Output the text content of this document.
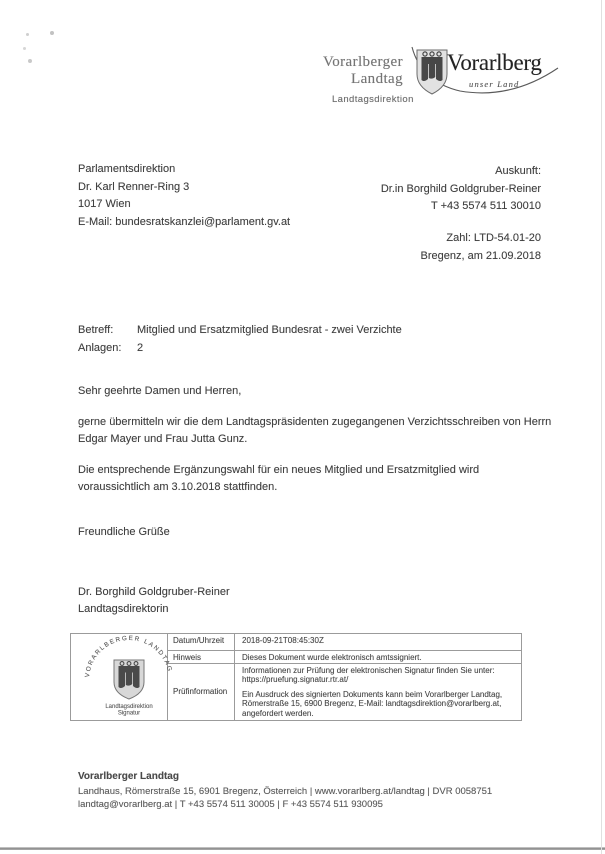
Vorarlberger
Landtag
Landtagsdirektion
Vorarlberg
unser Land
Parlamentsdirektion
Dr. Karl Renner-Ring 3
1017 Wien
E-Mail: bundesratskanzlei@parlament.gv.at
Auskunft:
Dr.in Borghild Goldgruber-Reiner
T +43 5574 511 30010
Zahl: LTD-54.01-20
Bregenz, am 21.09.2018
Betreff: Mitglied und Ersatzmitglied Bundesrat - zwei Verzichte
Anlagen: 2
Sehr geehrte Damen und Herren,
gerne übermitteln wir die dem Landtagspräsidenten zugegangenen Verzichtsschreiben von Herrn
Edgar Mayer und Frau Jutta Gunz.
Die entsprechende Ergänzungswahl für ein neues Mitglied und Ersatzmitglied wird
voraussichtlich am 3.10.2018 stattfinden.
Freundliche Grüße
Dr. Borghild Goldgruber-Reiner
Landtagsdirektorin
Datum/Uhrzeit	2018-09-21T08:45:30Z
Hinweis	Dieses Dokument wurde elektronisch amtssigniert.
Prüfinformation
Informationen zur Prüfung der elektronischen Signatur finden Sie unter:
https://pruefung.signatur.rtr.at/
Ein Ausdruck des signierten Dokuments kann beim Vorarlberger Landtag,
Römerstraße 15, 6900 Bregenz, E-Mail: landtagsdirektion@vorarlberg.at,
angefordert werden.
VORARLBERGER LANDTAG
Landtagsdirektion
Signatur
Vorarlberger Landtag
Landhaus, Römerstraße 15, 6901 Bregenz, Österreich | www.vorarlberg.at/landtag | DVR 0058751
landtag@vorarlberg.at | T +43 5574 511 30005 | F +43 5574 511 930095
